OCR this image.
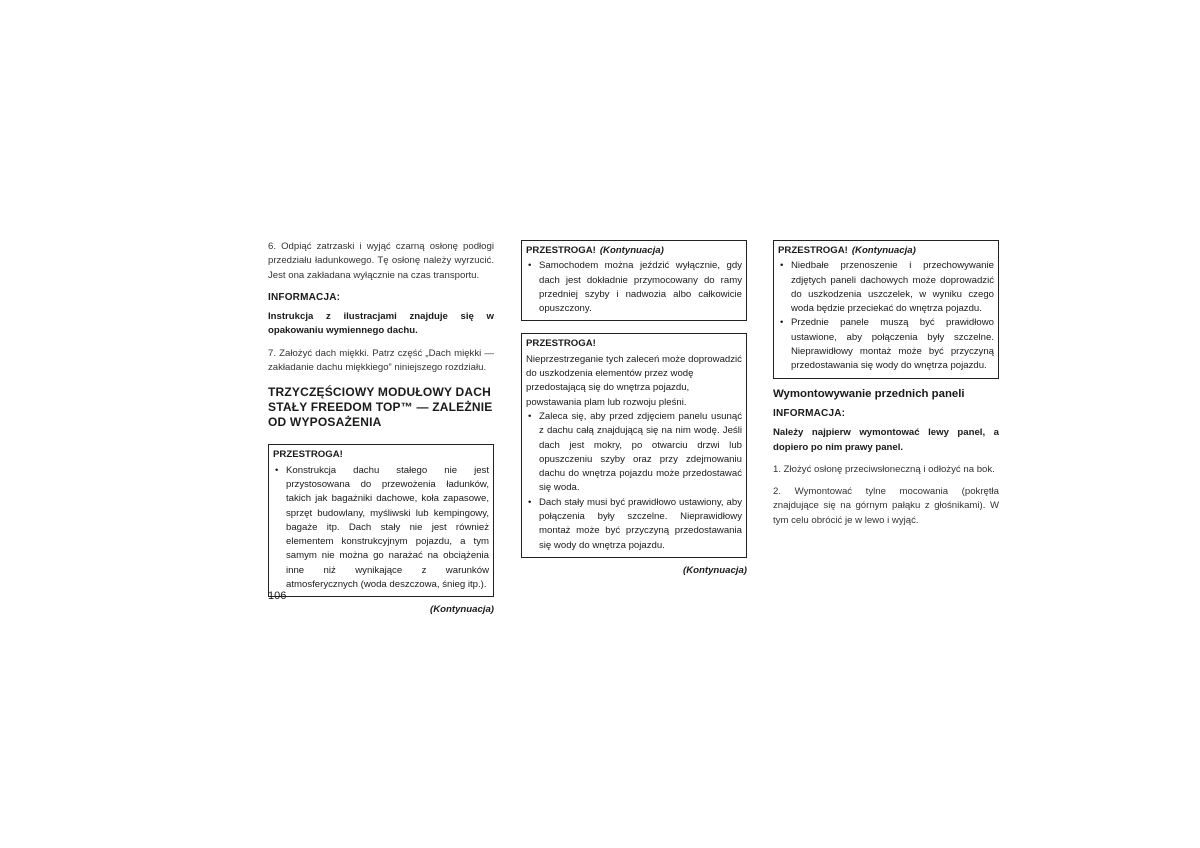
6. Odpiąć zatrzaski i wyjąć czarną osłonę podłogi przedziału ładunkowego. Tę osłonę należy wyrzucić. Jest ona zakładana wyłącznie na czas transportu.

INFORMACJA:

Instrukcja z ilustracjami znajduje się w opakowaniu wymiennego dachu.

7. Założyć dach miękki. Patrz część „Dach miękki — zakładanie dachu miękkiego” niniejszego rozdziału.

TRZYCZĘŚCIOWY MODUŁOWY DACH STAŁY FREEDOM TOP™ — ZALEŻNIE OD WYPOSAŻENIA
PRZESTROGA!
• Konstrukcja dachu stałego nie jest przystosowana do przewożenia ładunków, takich jak bagażniki dachowe, koła zapasowe, sprzęt budowlany, myśliwski lub kempingowy, bagaże itp. Dach stały nie jest również elementem konstrukcyjnym pojazdu, a tym samym nie można go narażać na obciążenia inne niż wynikające z warunków atmosferycznych (woda deszczowa, śnieg itp.).
(Kontynuacja)
PRZESTROGA! (Kontynuacja)
• Samochodem można jeździć wyłącznie, gdy dach jest dokładnie przymocowany do ramy przedniej szyby i nadwozia albo całkowicie opuszczony.
PRZESTROGA!

Nieprzestrzeganie tych zaleceń może doprowadzić do uszkodzenia elementów przez wodę przedostającą się do wnętrza pojazdu, powstawania plam lub rozwoju pleśni.

• Zaleca się, aby przed zdjęciem panelu usunąć z dachu całą znajdującą się na nim wodę. Jeśli dach jest mokry, po otwarciu drzwi lub opuszczeniu szyby oraz przy zdejmowaniu dachu do wnętrza pojazdu może przedostawać się woda.
• Dach stały musi być prawidłowo ustawiony, aby połączenia były szczelne. Nieprawidłowy montaż może być przyczyną przedostawania się wody do wnętrza pojazdu.
(Kontynuacja)
PRZESTROGA! (Kontynuacja)
• Niedbałe przenoszenie i przechowywanie zdjętych paneli dachowych może doprowadzić do uszkodzenia uszczelek, w wyniku czego woda będzie przeciekać do wnętrza pojazdu.
• Przednie panele muszą być prawidłowo ustawione, aby połączenia były szczelne. Nieprawidłowy montaż może być przyczyną przedostawania się wody do wnętrza pojazdu.
Wymontowywanie przednich paneli
INFORMACJA:

Należy najpierw wymontować lewy panel, a dopiero po nim prawy panel.

1. Złożyć osłonę przeciwsłoneczną i odłożyć na bok.

2. Wymontować tylne mocowania (pokrętła znajdujące się na górnym pałąku z głośnikami). W tym celu obrócić je w lewo i wyjąć.

106
